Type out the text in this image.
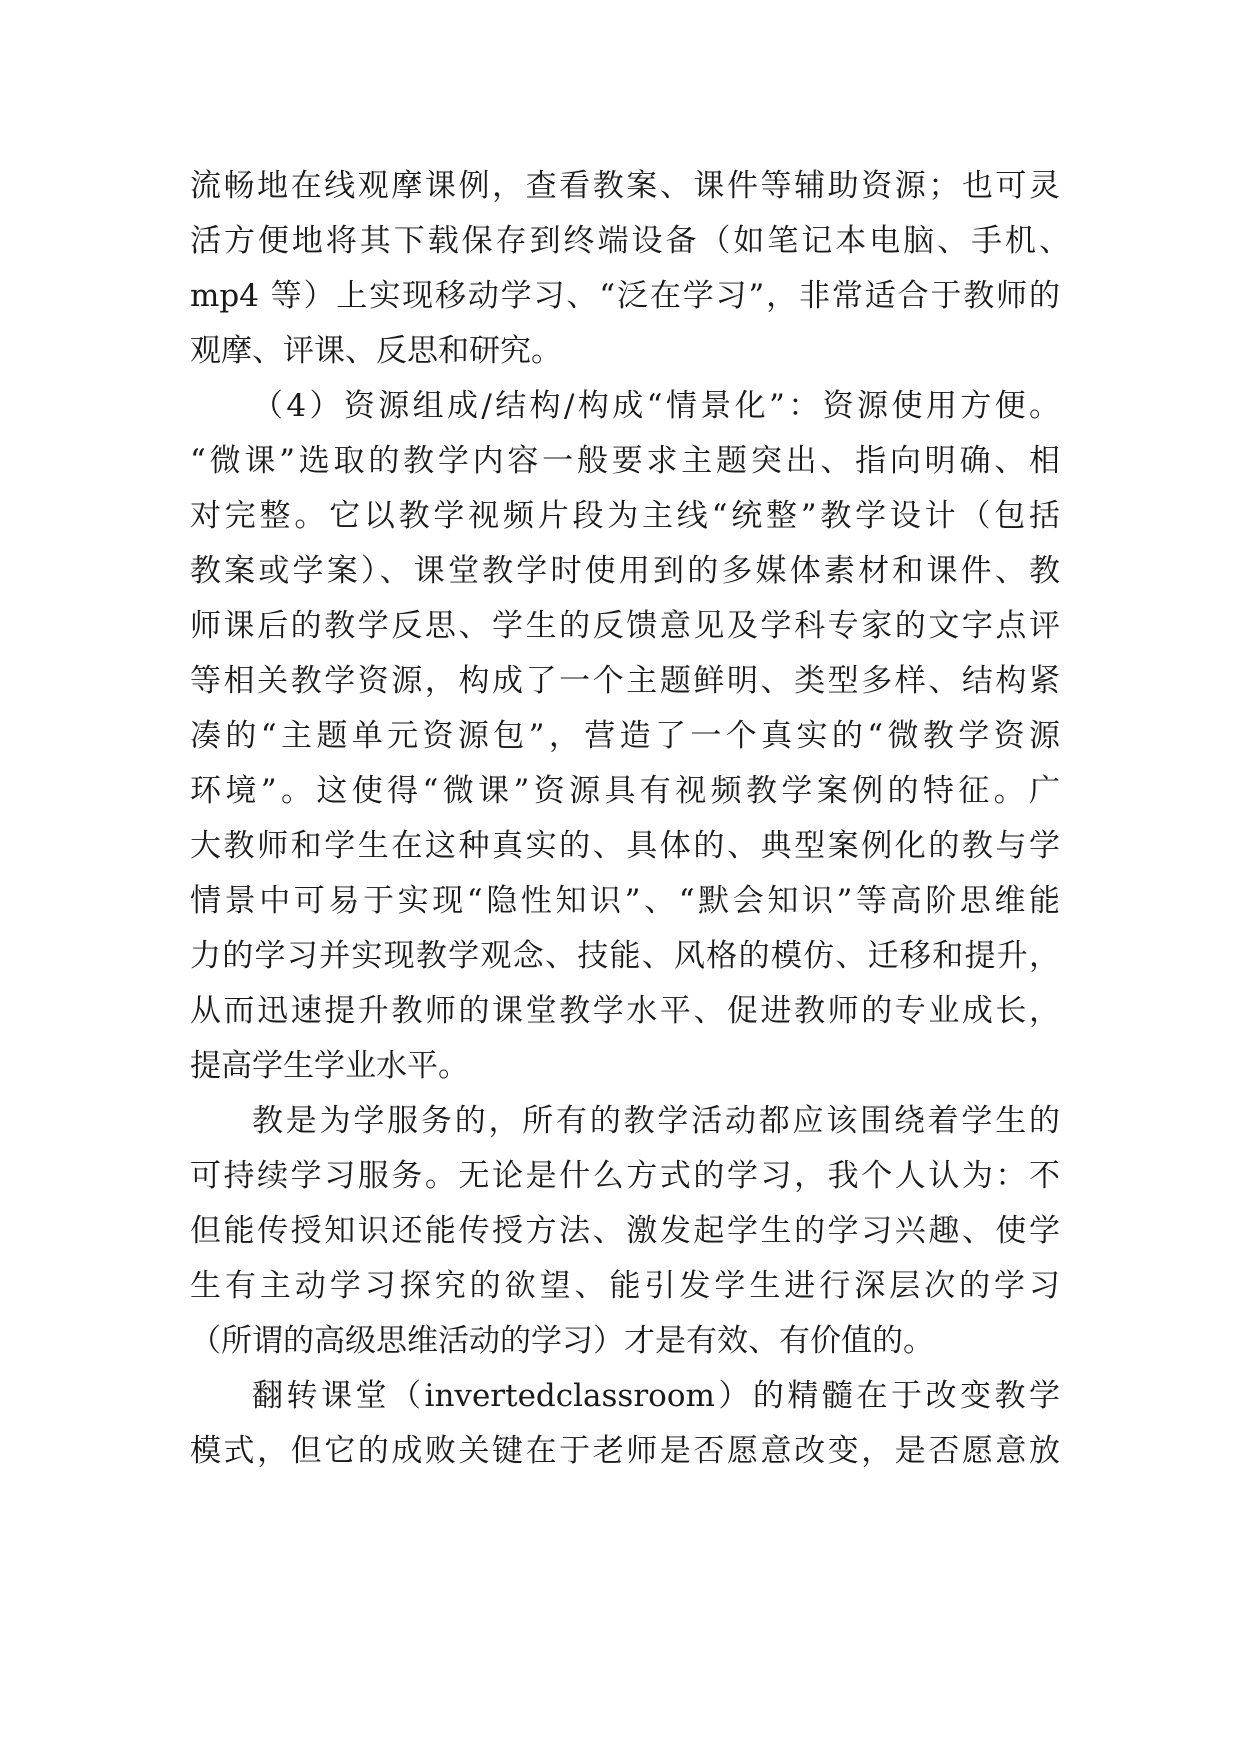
流畅地在线观摩课例，查看教案、课件等辅助资源；也可灵

活方便地将其下载保存到终端设备（如笔记本电脑、手机、

mp4 等）上实现移动学习、“泛在学习”，非常适合于教师的

观摩、评课、反思和研究。

（4）资源组成/结构/构成“情景化”：资源使用方便。

“微课”选取的教学内容一般要求主题突出、指向明确、相

对完整。它以教学视频片段为主线“统整”教学设计（包括

教案或学案）、课堂教学时使用到的多媒体素材和课件、教

师课后的教学反思、学生的反馈意见及学科专家的文字点评

等相关教学资源，构成了一个主题鲜明、类型多样、结构紧

凑的“主题单元资源包”，营造了一个真实的“微教学资源

环境”。这使得“微课”资源具有视频教学案例的特征。广

大教师和学生在这种真实的、具体的、典型案例化的教与学

情景中可易于实现“隐性知识”、“默会知识”等高阶思维能

力的学习并实现教学观念、技能、风格的模仿、迁移和提升，

从而迅速提升教师的课堂教学水平、促进教师的专业成长，

提高学生学业水平。

教是为学服务的，所有的教学活动都应该围绕着学生的

可持续学习服务。无论是什么方式的学习，我个人认为：不

但能传授知识还能传授方法、激发起学生的学习兴趣、使学

生有主动学习探究的欲望、能引发学生进行深层次的学习

（所谓的高级思维活动的学习）才是有效、有价值的。

翻转课堂（invertedclassroom）的精髓在于改变教学

模式，但它的成败关键在于老师是否愿意改变，是否愿意放
